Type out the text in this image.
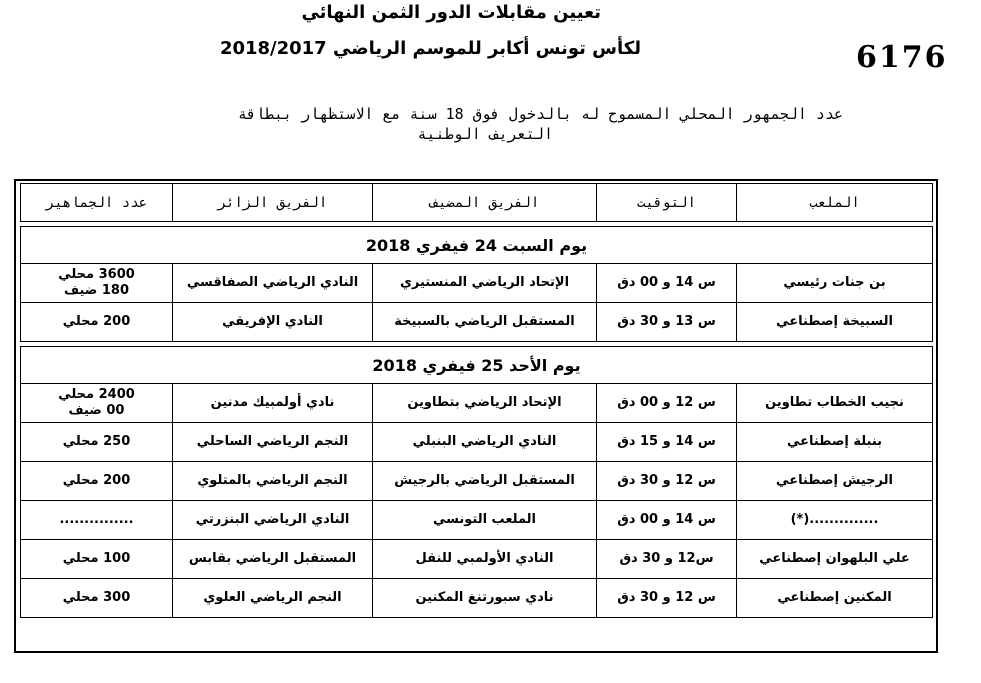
تعيين مقابلات الدور الثمن النهائي
لكأس تونس أكابر للموسم الرياضي 2018/2017	6176
عدد الجمهور المحلي المسموح له بالدخول فوق 18 سنة مع الاستظهار ببطاقة
التعريف الوطنية
الملعب	التوقيت	الفريق المضيف	الفريق الزائر	عدد الجماهير

يوم السبت 24 فيفري 2018				
بن جنات رئيسي	س 14 و 00 دق	الإتحاد الرياضي المنستيري	النادي الرياضي الصفاقسي	3600 محلي
180 ضيف

السبيخة إصطناعي	س 13 و 30 دق	المستقبل الرياضي بالسبيخة	النادي الإفريقي	200 محلي

يوم الأحد 25 فيفري 2018				
نجيب الخطاب تطاوين	س 12 و 00 دق	الإتحاد الرياضي بتطاوين	نادي أولمبيك مدنين	2400 محلي
00 ضيف

بنبلة إصطناعي	س 14 و 15 دق	النادي الرياضي البنبلي	النجم الرياضي الساحلي	250 محلي

الرجيش إصطناعي	س 12 و 30 دق	المستقبل الرياضي بالرجيش	النجم الرياضي بالمتلوي	200 محلي

..............(*)	س 14 و 00 دق	الملعب التونسي	النادي الرياضي البنزرتي	...............

علي البلهوان إصطناعي	س12 و 30 دق	النادي الأولمبي للنقل	المستقبل الرياضي بقابس	100 محلي

المكنين إصطناعي	س 12 و 30 دق	نادي سبورتنغ المكنين	النجم الرياضي العلوي	300 محلي
